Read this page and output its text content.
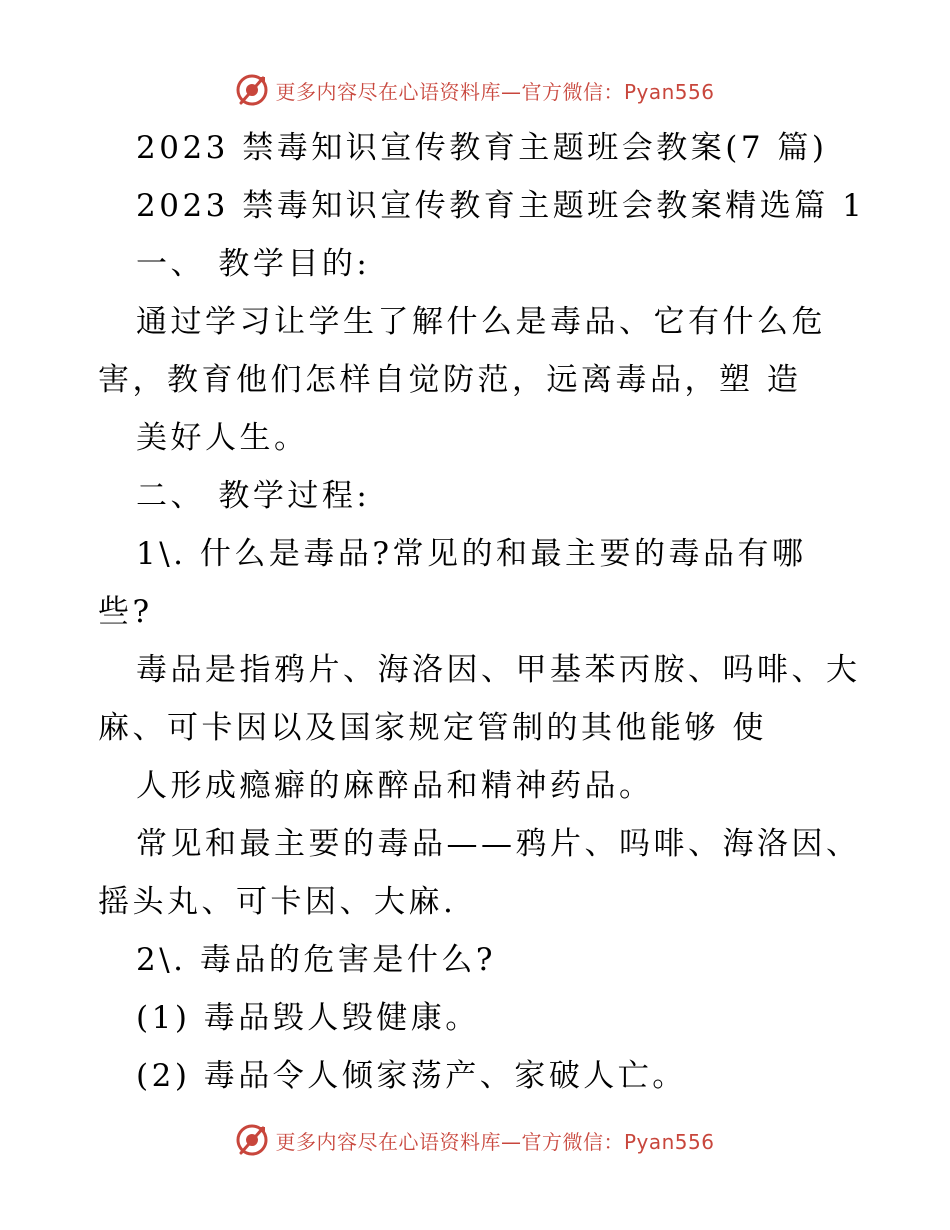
更多内容尽在心语资料库—官方微信：Pyan556
2023 禁毒知识宣传教育主题班会教案(7 篇)
2023 禁毒知识宣传教育主题班会教案精选篇 1
一、 教学目的:
通过学习让学生了解什么是毒品、它有什么危
害，教育他们怎样自觉防范，远离毒品，塑 造
美好人生。
二、 教学过程:
1\. 什么是毒品?常见的和最主要的毒品有哪
些?
毒品是指鸦片、海洛因、甲基苯丙胺、吗啡、大
麻、可卡因以及国家规定管制的其他能够 使
人形成瘾癖的麻醉品和精神药品。
常见和最主要的毒品——鸦片、吗啡、海洛因、
摇头丸、可卡因、大麻.
2\. 毒品的危害是什么?
(1) 毒品毁人毁健康。
(2) 毒品令人倾家荡产、家破人亡。
更多内容尽在心语资料库—官方微信：Pyan556
